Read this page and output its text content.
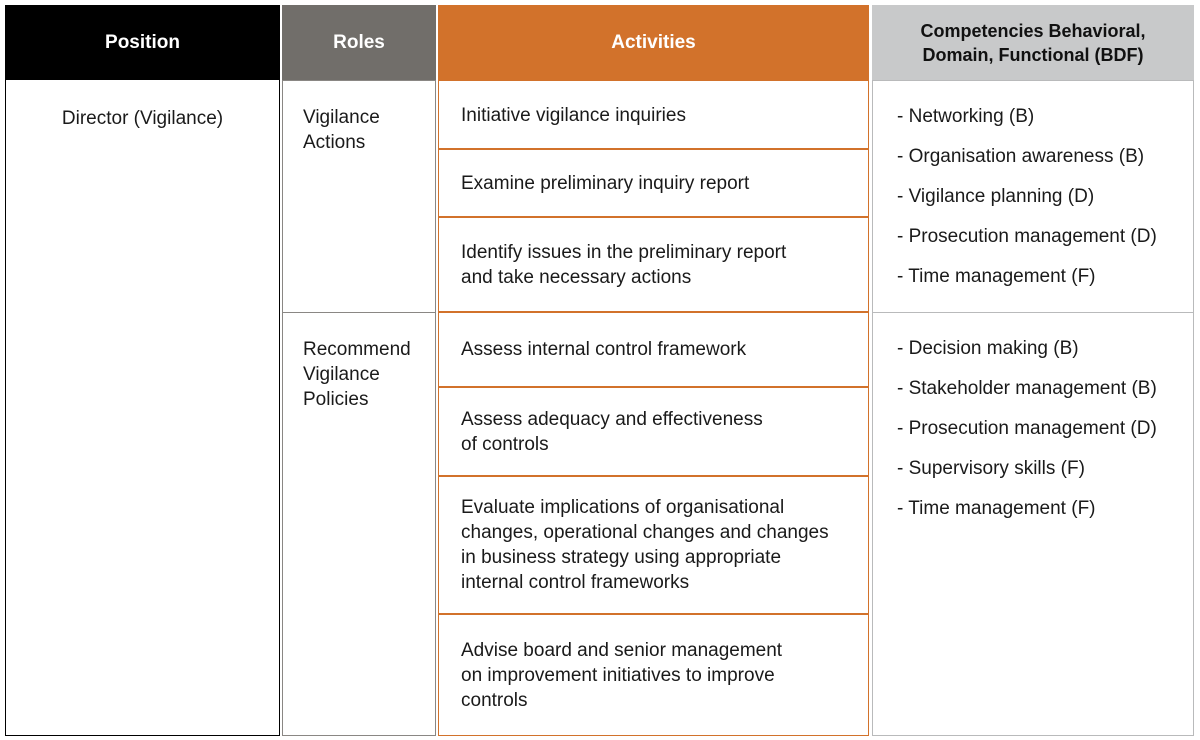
Position
Director (Vigilance)
Roles
Vigilance Actions
Recommend Vigilance Policies
Activities
Initiative vigilance inquiries
Examine preliminary inquiry report
Identify issues in the preliminary report and take necessary actions
Assess internal control framework
Assess adequacy and effectiveness of controls
Evaluate implications of organisational changes, operational changes and changes in business strategy using appropriate internal control frameworks
Advise board and senior management on improvement initiatives to improve controls
Competencies Behavioral,
Domain, Functional (BDF)
- Networking (B)
- Organisation awareness (B)
- Vigilance planning (D)
- Prosecution management (D)
- Time management (F)
- Decision making (B)
- Stakeholder management (B)
- Prosecution management (D)
- Supervisory skills (F)
- Time management (F)
